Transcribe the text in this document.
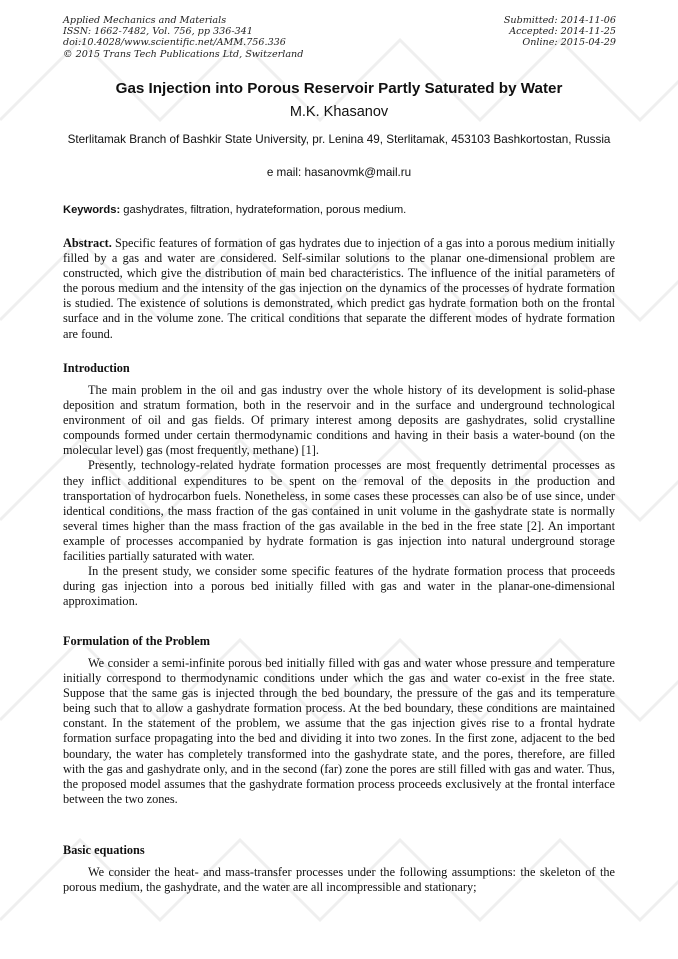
Applied Mechanics and Materials
ISSN: 1662-7482, Vol. 756, pp 336-341
doi:10.4028/www.scientific.net/AMM.756.336
© 2015 Trans Tech Publications Ltd, Switzerland
Submitted: 2014-11-06
Accepted: 2014-11-25
Online: 2015-04-29
Gas Injection into Porous Reservoir Partly Saturated by Water
M.K. Khasanov
Sterlitamak Branch of Bashkir State University, pr. Lenina 49, Sterlitamak, 453103 Bashkortostan, Russia
e mail: hasanovmk@mail.ru
Keywords: gashydrates, filtration, hydrateformation, porous medium.

Abstract. Specific features of formation of gas hydrates due to injection of a gas into a porous medium initially filled by a gas and water are considered. Self-similar solutions to the planar one-dimensional problem are constructed, which give the distribution of main bed characteristics. The influence of the initial parameters of the porous medium and the intensity of the gas injection on the dynamics of the processes of hydrate formation is studied. The existence of solutions is demonstrated, which predict gas hydrate formation both on the frontal surface and in the volume zone. The critical conditions that separate the different modes of hydrate formation are found.

Introduction

The main problem in the oil and gas industry over the whole history of its development is solid-phase deposition and stratum formation, both in the reservoir and in the surface and underground technological environment of oil and gas fields. Of primary interest among deposits are gashydrates, solid crystalline compounds formed under certain thermodynamic conditions and having in their basis a water-bound (on the molecular level) gas (most frequently, methane) [1].

Presently, technology-related hydrate formation processes are most frequently detrimental processes as they inflict additional expenditures to be spent on the removal of the deposits in the production and transportation of hydrocarbon fuels. Nonetheless, in some cases these processes can also be of use since, under identical conditions, the mass fraction of the gas contained in unit volume in the gashydrate state is normally several times higher than the mass fraction of the gas available in the bed in the free state [2]. An important example of processes accompanied by hydrate formation is gas injection into natural underground storage facilities partially saturated with water.

In the present study, we consider some specific features of the hydrate formation process that proceeds during gas injection into a porous bed initially filled with gas and water in the planar-one-dimensional approximation.

Formulation of the Problem

We consider a semi-infinite porous bed initially filled with gas and water whose pressure and temperature initially correspond to thermodynamic conditions under which the gas and water co-exist in the free state. Suppose that the same gas is injected through the bed boundary, the pressure of the gas and its temperature being such that to allow a gashydrate formation process. At the bed boundary, these conditions are maintained constant. In the statement of the problem, we assume that the gas injection gives rise to a frontal hydrate formation surface propagating into the bed and dividing it into two zones. In the first zone, adjacent to the bed boundary, the water has completely transformed into the gashydrate state, and the pores, therefore, are filled with the gas and gashydrate only, and in the second (far) zone the pores are still filled with gas and water. Thus, the proposed model assumes that the gashydrate formation process proceeds exclusively at the frontal interface between the two zones.

Basic equations

We consider the heat- and mass-transfer processes under the following assumptions: the skeleton of the porous medium, the gashydrate, and the water are all incompressible and stationary;
